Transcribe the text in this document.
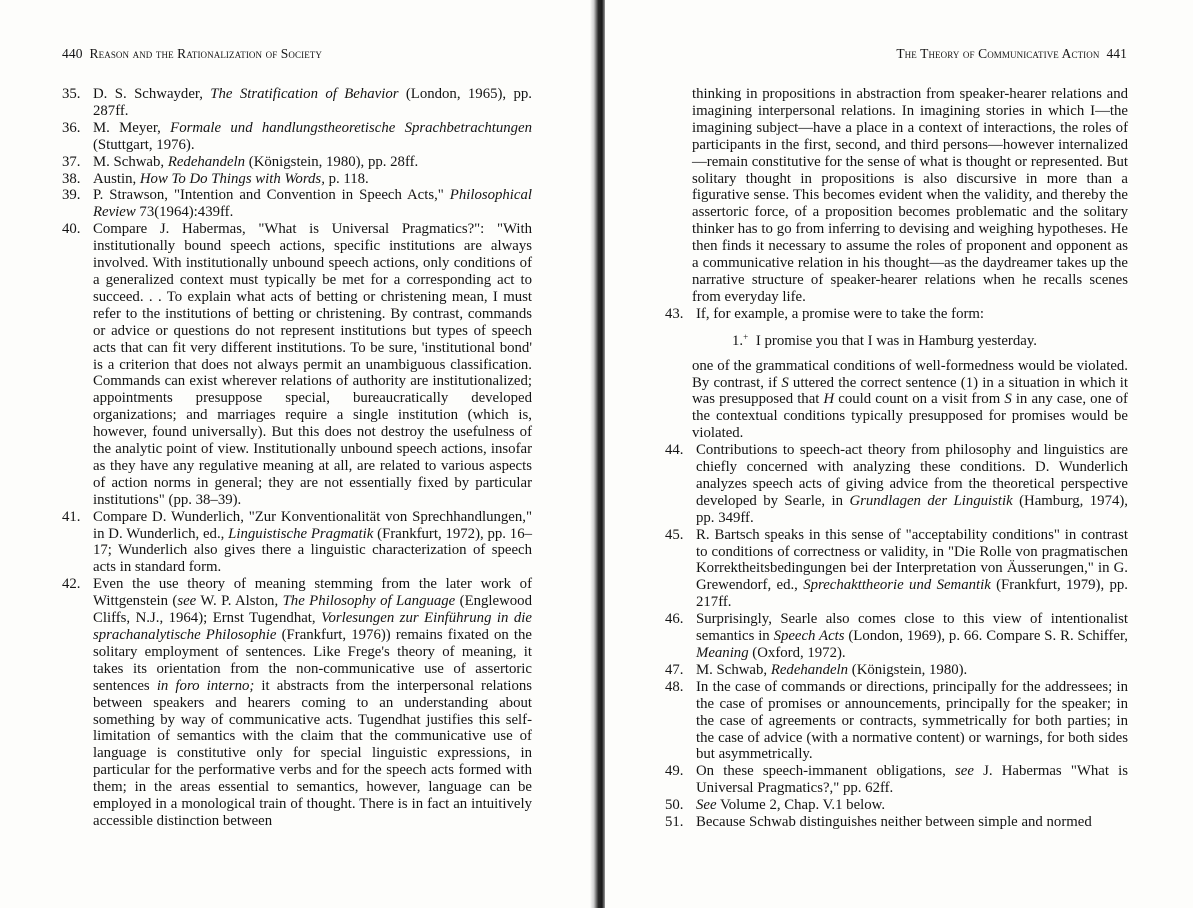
440 Reason and the Rationalization of Society
35. D. S. Schwayder, The Stratification of Behavior (London, 1965), pp. 287ff.
36. M. Meyer, Formale und handlungstheoretische Sprachbetrachtungen (Stuttgart, 1976).
37. M. Schwab, Redehandeln (Königstein, 1980), pp. 28ff.
38. Austin, How To Do Things with Words, p. 118.
39. P. Strawson, "Intention and Convention in Speech Acts," Philosophical Review 73(1964):439ff.
40. Compare J. Habermas, "What is Universal Pragmatics?": "With institutionally bound speech actions, specific institutions are always involved. With institutionally unbound speech actions, only conditions of a generalized context must typically be met for a corresponding act to succeed. . . To explain what acts of betting or christening mean, I must refer to the institutions of betting or christening. By contrast, commands or advice or questions do not represent institutions but types of speech acts that can fit very different institutions. To be sure, 'institutional bond' is a criterion that does not always permit an unambiguous classification. Commands can exist wherever relations of authority are institutionalized; appointments presuppose special, bureaucratically developed organizations; and marriages require a single institution (which is, however, found universally). But this does not destroy the usefulness of the analytic point of view. Institutionally unbound speech actions, insofar as they have any regulative meaning at all, are related to various aspects of action norms in general; they are not essentially fixed by particular institutions" (pp. 38–39).
41. Compare D. Wunderlich, "Zur Konventionalität von Sprechhandlungen," in D. Wunderlich, ed., Linguistische Pragmatik (Frankfurt, 1972), pp. 16–17; Wunderlich also gives there a linguistic characterization of speech acts in standard form.
42. Even the use theory of meaning stemming from the later work of Wittgenstein (see W. P. Alston, The Philosophy of Language (Englewood Cliffs, N.J., 1964); Ernst Tugendhat, Vorlesungen zur Einführung in die sprachanalytische Philosophie (Frankfurt, 1976)) remains fixated on the solitary employment of sentences. Like Frege's theory of meaning, it takes its orientation from the non-communicative use of assertoric sentences in foro interno; it abstracts from the interpersonal relations between speakers and hearers coming to an understanding about something by way of communicative acts. Tugendhat justifies this self-limitation of semantics with the claim that the communicative use of language is constitutive only for special linguistic expressions, in particular for the performative verbs and for the speech acts formed with them; in the areas essential to semantics, however, language can be employed in a monological train of thought. There is in fact an intuitively accessible distinction between
The Theory of Communicative Action 441
thinking in propositions in abstraction from speaker-hearer relations and imagining interpersonal relations. In imagining stories in which I—the imagining subject—have a place in a context of interactions, the roles of participants in the first, second, and third persons—however internalized—remain constitutive for the sense of what is thought or represented. But solitary thought in propositions is also discursive in more than a figurative sense. This becomes evident when the validity, and thereby the assertoric force, of a proposition becomes problematic and the solitary thinker has to go from inferring to devising and weighing hypotheses. He then finds it necessary to assume the roles of proponent and opponent as a communicative relation in his thought—as the daydreamer takes up the narrative structure of speaker-hearer relations when he recalls scenes from everyday life.
43. If, for example, a promise were to take the form:
1.+ I promise you that I was in Hamburg yesterday.
one of the grammatical conditions of well-formedness would be violated. By contrast, if S uttered the correct sentence (1) in a situation in which it was presupposed that H could count on a visit from S in any case, one of the contextual conditions typically presupposed for promises would be violated.
44. Contributions to speech-act theory from philosophy and linguistics are chiefly concerned with analyzing these conditions. D. Wunderlich analyzes speech acts of giving advice from the theoretical perspective developed by Searle, in Grundlagen der Linguistik (Hamburg, 1974), pp. 349ff.
45. R. Bartsch speaks in this sense of "acceptability conditions" in contrast to conditions of correctness or validity, in "Die Rolle von pragmatischen Korrektheitsbedingungen bei der Interpretation von Äusserungen," in G. Grewendorf, ed., Sprechakttheorie und Semantik (Frankfurt, 1979), pp. 217ff.
46. Surprisingly, Searle also comes close to this view of intentionalist semantics in Speech Acts (London, 1969), p. 66. Compare S. R. Schiffer, Meaning (Oxford, 1972).
47. M. Schwab, Redehandeln (Königstein, 1980).
48. In the case of commands or directions, principally for the addressees; in the case of promises or announcements, principally for the speaker; in the case of agreements or contracts, symmetrically for both parties; in the case of advice (with a normative content) or warnings, for both sides but asymmetrically.
49. On these speech-immanent obligations, see J. Habermas "What is Universal Pragmatics?," pp. 62ff.
50. See Volume 2, Chap. V.1 below.
51. Because Schwab distinguishes neither between simple and normed
